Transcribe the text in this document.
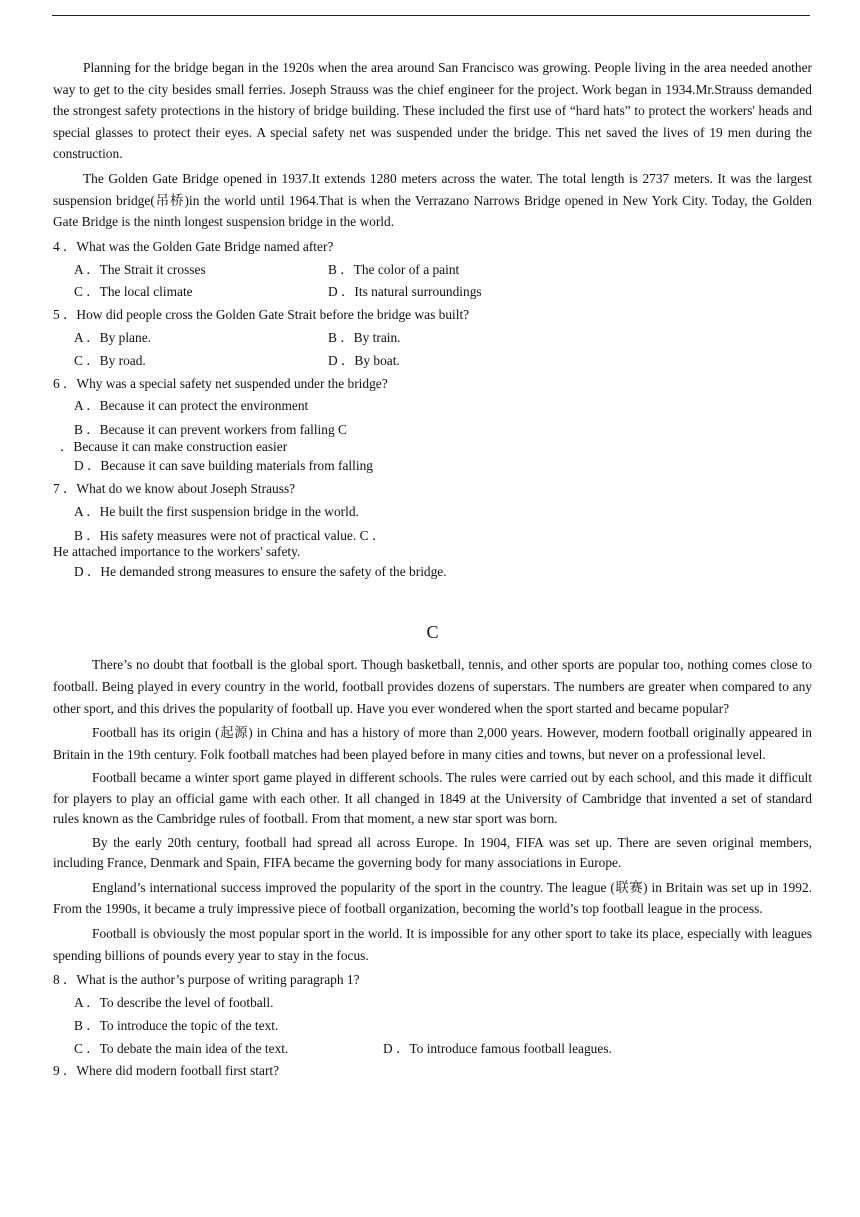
Planning for the bridge began in the 1920s when the area around San Francisco was growing. People living in the area needed another way to get to the city besides small ferries. Joseph Strauss was the chief engineer for the project. Work began in 1934.Mr.Strauss demanded the strongest safety protections in the history of bridge building. These included the first use of “hard hats” to protect the workers' heads and special glasses to protect their eyes. A special safety net was suspended under the bridge. This net saved the lives of 19 men during the construction.

The Golden Gate Bridge opened in 1937.It extends 1280 meters across the water. The total length is 2737 meters. It was the largest suspension bridge(吊桥)in the world until 1964.That is when the Verrazano Narrows Bridge opened in New York City. Today, the Golden Gate Bridge is the ninth longest suspension bridge in the world.

4 ．What was the Golden Gate Bridge named after?
A ．The Strait it crosses	B ．The color of a paint
C ．The local climate	D ．Its natural surroundings
5 ．How did people cross the Golden Gate Strait before the bridge was built?
A ．By plane.	B ．By train.
C ．By road.	D ．By boat.
6 ．Why was a special safety net suspended under the bridge?
A ．Because it can protect the environment
B ．Because it can prevent workers from falling C
．Because it can make construction easier
D ．Because it can save building materials from falling
7 ．What do we know about Joseph Strauss?
A ．He built the first suspension bridge in the world.
B ．His safety measures were not of practical value. C ．
He attached importance to the workers' safety.
D ．He demanded strong measures to ensure the safety of the bridge.
C

There’s no doubt that football is the global sport. Though basketball, tennis, and other sports are popular too, nothing comes close to football. Being played in every country in the world, football provides dozens of superstars. The numbers are greater when compared to any other sport, and this drives the popularity of football up. Have you ever wondered when the sport started and became popular?

Football has its origin (起源) in China and has a history of more than 2,000 years. However, modern football originally appeared in Britain in the 19th century. Folk football matches had been played before in many cities and towns, but never on a professional level.

Football became a winter sport game played in different schools. The rules were carried out by each school, and this made it difficult for players to play an official game with each other. It all changed in 1849 at the University of Cambridge that invented a set of standard rules known as the Cambridge rules of football. From that moment, a new star sport was born.

By the early 20th century, football had spread all across Europe. In 1904, FIFA was set up. There are seven original members, including France, Denmark and Spain, FIFA became the governing body for many associations in Europe.

England’s international success improved the popularity of the sport in the country. The league (联赛) in Britain was set up in 1992. From the 1990s, it became a truly impressive piece of football organization, becoming the world’s top football league in the process.

Football is obviously the most popular sport in the world. It is impossible for any other sport to take its place, especially with leagues spending billions of pounds every year to stay in the focus.

8 ．What is the author’s purpose of writing paragraph 1?
A ．To describe the level of football.
B ．To introduce the topic of the text.
C ．To debate the main idea of the text.	D ．To introduce famous football leagues.
9 ．Where did modern football first start?
